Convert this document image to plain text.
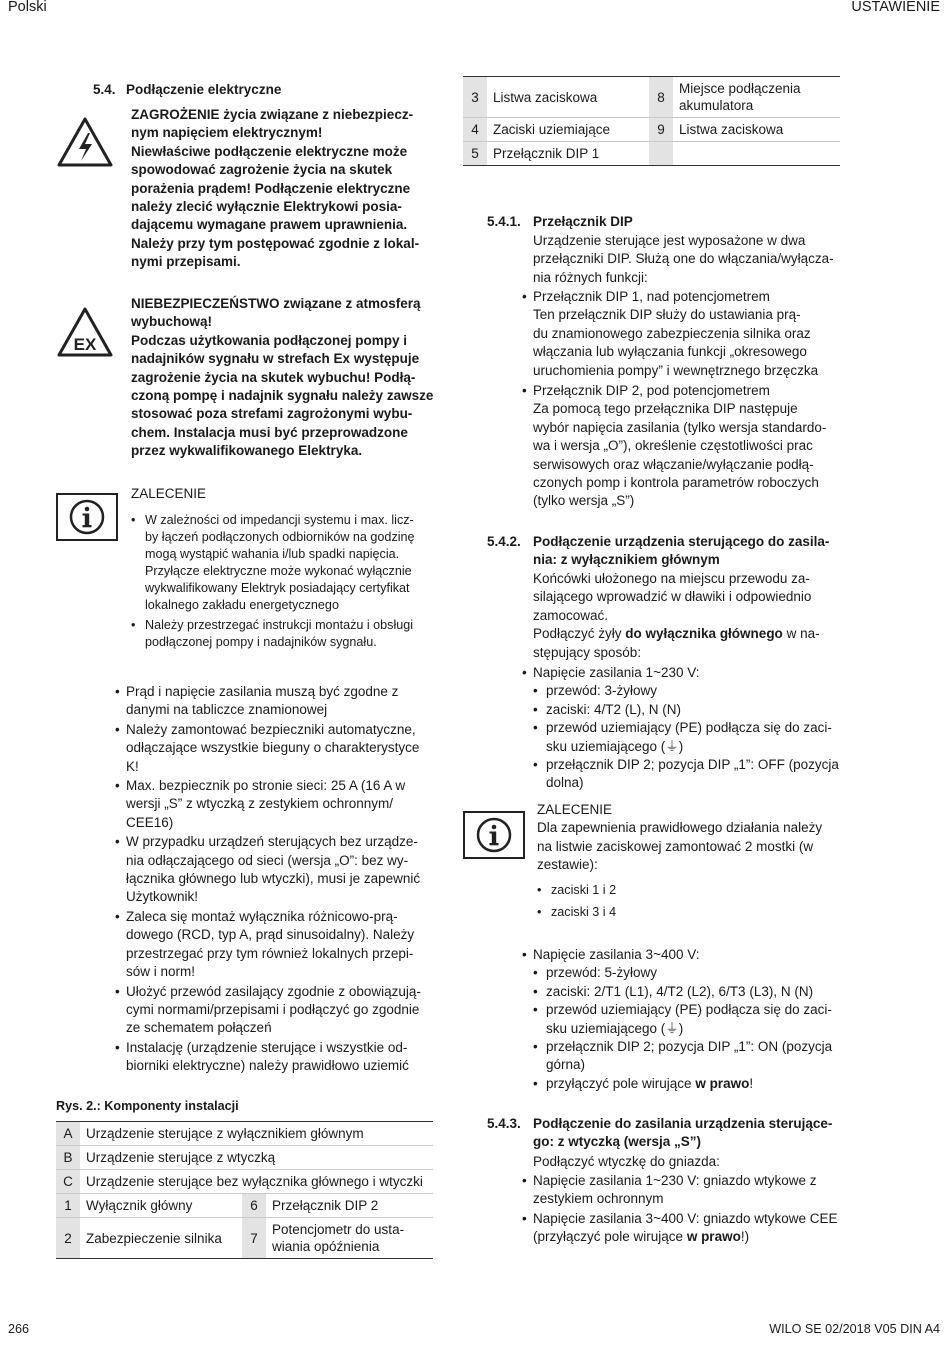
Polski	USTAWIENIE
5.4. Podłączenie elektryczne
ZAGROŻENIE życia związane z niebezpiecz-
nym napięciem elektrycznym!
Niewłaściwe podłączenie elektryczne może
spowodować zagrożenie życia na skutek
porażenia prądem! Podłączenie elektryczne
należy zlecić wyłącznie Elektrykowi posia-
dającemu wymagane prawem uprawnienia.
Należy przy tym postępować zgodnie z lokal-
nymi przepisami.
EX
NIEBEZPIECZEŃSTWO związane z atmosferą
wybuchową!
Podczas użytkowania podłączonej pompy i
nadajników sygnału w strefach Ex występuje
zagrożenie życia na skutek wybuchu! Podłą-
czoną pompę i nadajnik sygnału należy zawsze
stosować poza strefami zagrożonymi wybu-
chem. Instalacja musi być przeprowadzone
przez wykwalifikowanego Elektryka.
ZALECENIE
• W zależności od impedancji systemu i max. licz-
by łączeń podłączonych odbiorników na godzinę
mogą wystąpić wahania i/lub spadki napięcia.
Przyłącze elektryczne może wykonać wyłącznie
wykwalifikowany Elektryk posiadający certyfikat
lokalnego zakładu energetycznego
• Należy przestrzegać instrukcji montażu i obsługi
podłączonej pompy i nadajników sygnału.
• Prąd i napięcie zasilania muszą być zgodne z
danymi na tabliczce znamionowej
• Należy zamontować bezpieczniki automatyczne,
odłączające wszystkie bieguny o charakterystyce
K!
• Max. bezpiecznik po stronie sieci: 25 A (16 A w
wersji „S” z wtyczką z zestykiem ochronnym/
CEE16)
• W przypadku urządzeń sterujących bez urządze-
nia odłączającego od sieci (wersja „O”: bez wy-
łącznika głównego lub wtyczki), musi je zapewnić
Użytkownik!
• Zaleca się montaż wyłącznika różnicowo-prą-
dowego (RCD, typ A, prąd sinusoidalny). Należy
przestrzegać przy tym również lokalnych przepi-
sów i norm!
• Ułożyć przewód zasilający zgodnie z obowiązują-
cymi normami/przepisami i podłączyć go zgodnie
ze schematem połączeń
• Instalację (urządzenie sterujące i wszystkie od-
biorniki elektryczne) należy prawidłowo uziemić
Rys. 2.: Komponenty instalacji
A	Urządzenie sterujące z wyłącznikiem głównym		
B	Urządzenie sterujące z wtyczką		
C	Urządzenie sterujące bez wyłącznika głównego i wtyczki		
1	Wyłącznik główny	6	Przełącznik DIP 2
2	Zabezpieczenie silnika	7	Potencjometr do usta-wiania opóźnienia
3	Listwa zaciskowa	8	Miejsce podłączenia akumulatora
4	Zaciski uziemiające	9	Listwa zaciskowa
5	Przełącznik DIP 1		
5.4.1. Przełącznik DIP
Urządzenie sterujące jest wyposażone w dwa
przełączniki DIP. Służą one do włączania/wyłącza-
nia różnych funkcji:
• Przełącznik DIP 1, nad potencjometrem
Ten przełącznik DIP służy do ustawiania prą-
du znamionowego zabezpieczenia silnika oraz
włączania lub wyłączania funkcji „okresowego
uruchomienia pompy” i wewnętrznego brzęczka
• Przełącznik DIP 2, pod potencjometrem
Za pomocą tego przełącznika DIP następuje
wybór napięcia zasilania (tylko wersja standardo-
wa i wersja „O”), określenie częstotliwości prac
serwisowych oraz włączanie/wyłączanie podłą-
czonych pomp i kontrola parametrów roboczych
(tylko wersja „S”)
5.4.2. Podłączenie urządzenia sterującego do zasila-
nia: z wyłącznikiem głównym
Końcówki ułożonego na miejscu przewodu za-
silającego wprowadzić w dławiki i odpowiednio
zamocować.
Podłączyć żyły do wyłącznika głównego w na-
stępujący sposób:
• Napięcie zasilania 1~230 V:
• przewód: 3-żyłowy
• zaciski: 4/T2 (L), N (N)
• przewód uziemiający (PE) podłącza się do zaci-
sku uziemiającego (⏚)
• przełącznik DIP 2; pozycja DIP „1”: OFF (pozycja
dolna)
ZALECENIE
Dla zapewnienia prawidłowego działania należy
na listwie zaciskowej zamontować 2 mostki (w
zestawie):
• zaciski 1 i 2
• zaciski 3 i 4
• Napięcie zasilania 3~400 V:
• przewód: 5-żyłowy
• zaciski: 2/T1 (L1), 4/T2 (L2), 6/T3 (L3), N (N)
• przewód uziemiający (PE) podłącza się do zaci-
sku uziemiającego (⏚)
• przełącznik DIP 2; pozycja DIP „1”: ON (pozycja
górna)
• przyłączyć pole wirujące w prawo!
5.4.3. Podłączenie do zasilania urządzenia sterujące-
go: z wtyczką (wersja „S”)
Podłączyć wtyczkę do gniazda:
• Napięcie zasilania 1~230 V: gniazdo wtykowe z
zestykiem ochronnym
• Napięcie zasilania 3~400 V: gniazdo wtykowe CEE
(przyłączyć pole wirujące w prawo!)
266	WILO SE 02/2018 V05 DIN A4
